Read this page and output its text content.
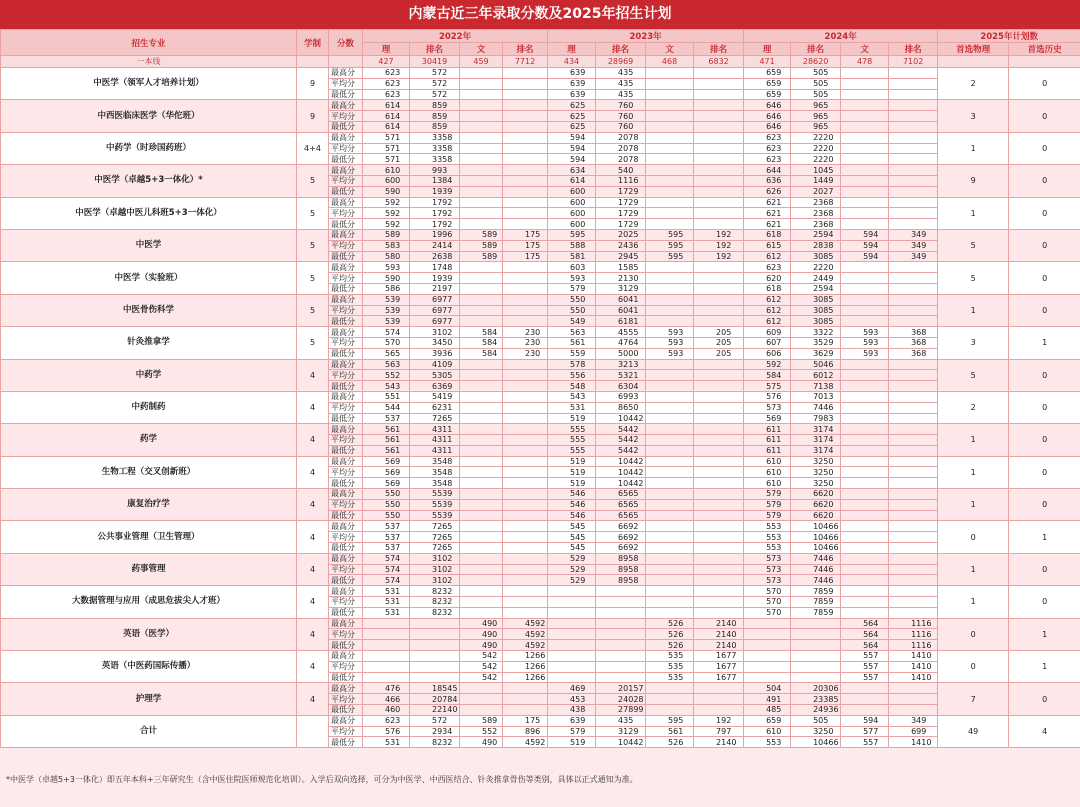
内蒙古近三年录取分数及2025年招生计划
招生专业	学制	分数	2022年				2023年				2024年				2025年计划数	
			理	排名	文	排名	理	排名	文	排名	理	排名	文	排名	首选物理	首选历史
一本线			427	30419	459	7712	434	28969	468	6832	471	28620	478	7102		
中医学（领军人才培养计划）	9	最高分	623	572			639	435			659	505			2	0
		平均分	623	572			639	435			659	505				
		最低分	623	572			639	435			659	505				
中西医临床医学（华佗班）	9	最高分	614	859			625	760			646	965			3	0
		平均分	614	859			625	760			646	965				
		最低分	614	859			625	760			646	965				
中药学（时珍国药班）	4+4	最高分	571	3358			594	2078			623	2220			1	0
		平均分	571	3358			594	2078			623	2220				
		最低分	571	3358			594	2078			623	2220				
中医学（卓越5+3一体化）*	5	最高分	610	993			634	540			644	1045			9	0
		平均分	600	1384			614	1116			636	1449				
		最低分	590	1939			600	1729			626	2027				
中医学（卓越中医儿科班5+3一体化）	5	最高分	592	1792			600	1729			621	2368			1	0
		平均分	592	1792			600	1729			621	2368				
		最低分	592	1792			600	1729			621	2368				
中医学	5	最高分	589	1996	589	175	595	2025	595	192	618	2594	594	349	5	0
		平均分	583	2414	589	175	588	2436	595	192	615	2838	594	349		
		最低分	580	2638	589	175	581	2945	595	192	612	3085	594	349		
中医学（实验班）	5	最高分	593	1748			603	1585			623	2220			5	0
		平均分	590	1939			593	2130			620	2449				
		最低分	586	2197			579	3129			618	2594				
中医骨伤科学	5	最高分	539	6977			550	6041			612	3085			1	0
		平均分	539	6977			550	6041			612	3085				
		最低分	539	6977			549	6181			612	3085				
针灸推拿学	5	最高分	574	3102	584	230	563	4555	593	205	609	3322	593	368	3	1
		平均分	570	3450	584	230	561	4764	593	205	607	3529	593	368		
		最低分	565	3936	584	230	559	5000	593	205	606	3629	593	368		
中药学	4	最高分	563	4109			578	3213			592	5046			5	0
		平均分	552	5305			556	5321			584	6012				
		最低分	543	6369			548	6304			575	7138				
中药制药	4	最高分	551	5419			543	6993			576	7013			2	0
		平均分	544	6231			531	8650			573	7446				
		最低分	537	7265			519	10442			569	7983				
药学	4	最高分	561	4311			555	5442			611	3174			1	0
		平均分	561	4311			555	5442			611	3174				
		最低分	561	4311			555	5442			611	3174				
生物工程（交叉创新班）	4	最高分	569	3548			519	10442			610	3250			1	0
		平均分	569	3548			519	10442			610	3250				
		最低分	569	3548			519	10442			610	3250				
康复治疗学	4	最高分	550	5539			546	6565			579	6620			1	0
		平均分	550	5539			546	6565			579	6620				
		最低分	550	5539			546	6565			579	6620				
公共事业管理（卫生管理）	4	最高分	537	7265			545	6692			553	10466			0	1
		平均分	537	7265			545	6692			553	10466				
		最低分	537	7265			545	6692			553	10466				
药事管理	4	最高分	574	3102			529	8958			573	7446			1	0
		平均分	574	3102			529	8958			573	7446				
		最低分	574	3102			529	8958			573	7446				
大数据管理与应用（成思危拔尖人才班）	4	最高分	531	8232							570	7859			1	0
		平均分	531	8232							570	7859				
		最低分	531	8232							570	7859				
英语（医学）	4	最高分			490	4592			526	2140			564	1116	0	1
		平均分			490	4592			526	2140			564	1116		
		最低分			490	4592			526	2140			564	1116		
英语（中医药国际传播）	4	最高分			542	1266			535	1677			557	1410	0	1
		平均分			542	1266			535	1677			557	1410		
		最低分			542	1266			535	1677			557	1410		
护理学	4	最高分	476	18545			469	20157			504	20306			7	0
		平均分	466	20784			453	24028			491	23385				
		最低分	460	22140			438	27899			485	24936				
合计		最高分	623	572	589	175	639	435	595	192	659	505	594	349	49	4
		平均分	576	2934	552	896	579	3129	561	797	610	3250	577	699		
		最低分	531	8232	490	4592	519	10442	526	2140	553	10466	557	1410		
*中医学（卓越5+3一体化）即五年本科+三年研究生（含中医住院医师规范化培训）。入学后双向选择，可分为中医学、中西医结合、针灸推拿骨伤等类别，具体以正式通知为准。
